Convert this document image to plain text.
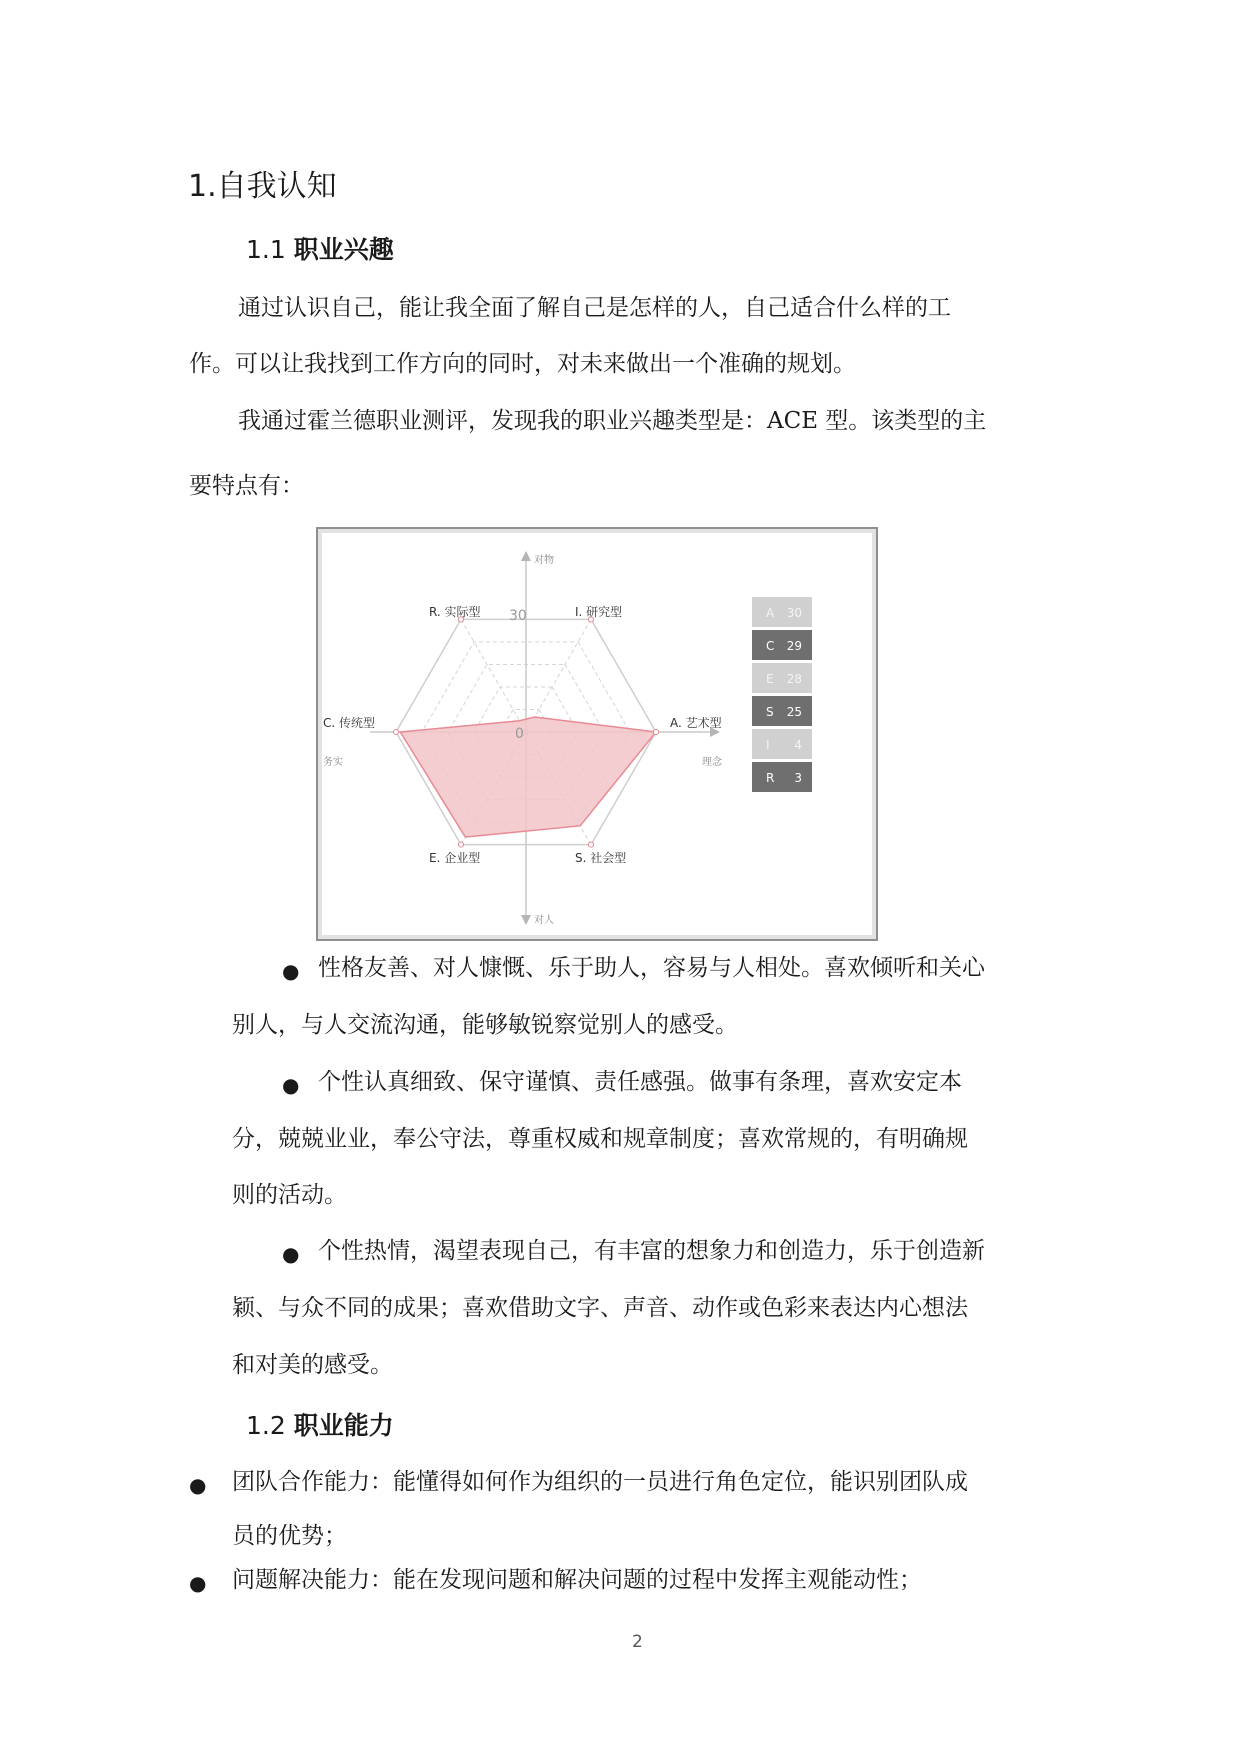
1.自我认知
1.1 职业兴趣
通过认识自己，能让我全面了解自己是怎样的人，自己适合什么样的工
作。可以让我找到工作方向的同时，对未来做出一个准确的规划。
我通过霍兰德职业测评，发现我的职业兴趣类型是：ACE 型。该类型的主
要特点有：
对物
对人
务实	理念
30
0
I. 研究型
A. 艺术型
S. 社会型
E. 企业型
C. 传统型
R. 实际型	A 30
C 29
E 28
S 25
I 4
R 3
● 性格友善、对人慷慨、乐于助人，容易与人相处。喜欢倾听和关心
别人，与人交流沟通，能够敏锐察觉别人的感受。
● 个性认真细致、保守谨慎、责任感强。做事有条理，喜欢安定本
分，兢兢业业，奉公守法，尊重权威和规章制度；喜欢常规的，有明确规
则的活动。
● 个性热情，渴望表现自己，有丰富的想象力和创造力，乐于创造新
颖、与众不同的成果；喜欢借助文字、声音、动作或色彩来表达内心想法
和对美的感受。
1.2 职业能力
● 团队合作能力：能懂得如何作为组织的一员进行角色定位，能识别团队成
员的优势；
● 问题解决能力：能在发现问题和解决问题的过程中发挥主观能动性；
2
